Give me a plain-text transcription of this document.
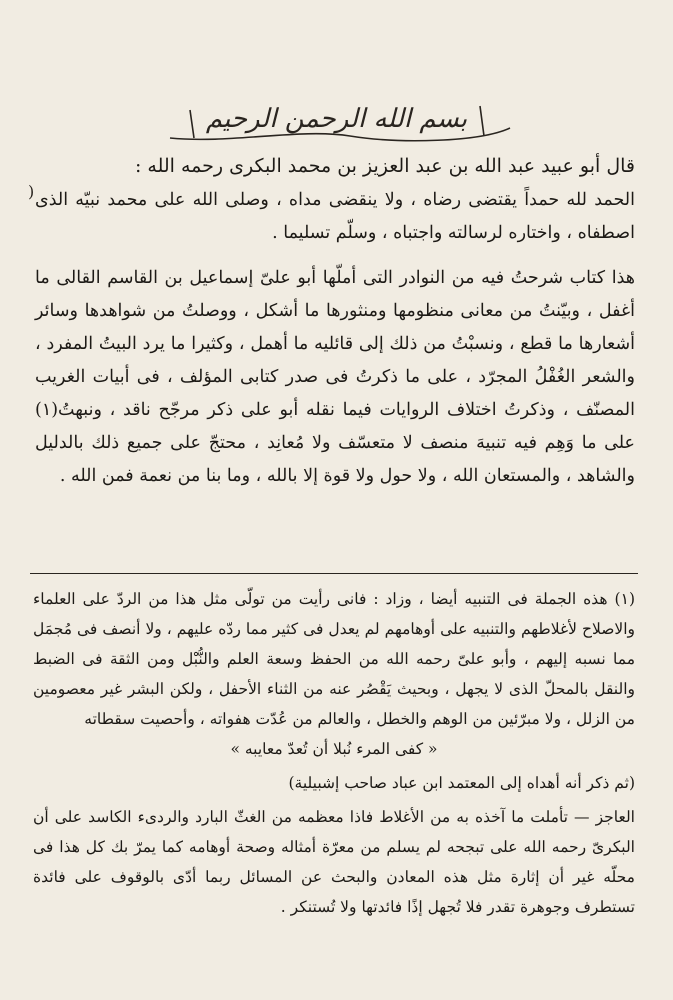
بسم الله الرحمن الرحيم
)

قال أبو عبيد عبد الله بن عبد العزيز بن محمد البكرى رحمه الله :

الحمد لله حمداً يقتضى رضاه ، ولا ينقضى مداه ، وصلى الله على محمد نبيّه الذى اصطفاه ، واختاره لرسالته واجتباه ، وسلّم تسليما .

هذا كتاب شرحتُ فيه من النوادر التى أملّها أبو علىّ إسماعيل بن القاسم القالى ما أغفل ، وبيّنتُ من معانى منظومها ومنثورها ما أشكل ، ووصلتُ من شواهدها وسائر أشعارها ما قطع ، ونسبْتُ من ذلك إلى قائليه ما أهمل ، وكثيرا ما يرد البيتُ المفرد ، والشعر الغُفْلُ المجرّد ، على ما ذكرتُ فى صدر كتابى المؤلف ، فى أبيات الغريب المصنّف ، وذكرتُ اختلاف الروايات فيما نقله أبو على ذكر مرجّح ناقد ، ونبهتُ(١) على ما وَهِم فيه تنبيهَ منصف لا متعسّف ولا مُعانِد ، محتجّ على جميع ذلك بالدليل والشاهد ، والمستعان الله ، ولا حول ولا قوة إلا بالله ، وما بنا من نعمة فمن الله .

(١) هذه الجملة فى التنبيه أيضا ، وزاد : فانى رأيت من تولّى مثل هذا من الردّ على العلماء والاصلاح لأغلاطهم والتنبيه على أوهامهم لم يعدل فى كثير مما ردّه عليهم ، ولا أنصف فى مُجمَل مما نسبه إليهم ، وأبو علىّ رحمه الله من الحفظ وسعة العلم والنُّبْل ومن الثقة فى الضبط والنقل بالمحلّ الذى لا يجهل ، وبحيث يَقْصُر عنه من الثناء الأحفل ، ولكن البشر غير معصومين من الزلل ، ولا مبرّئين من الوهم والخطل ، والعالم من عُدّت هفواته ، وأحصيت سقطاته

« كفى المرء نُبلا أن تُعدّ معايبه »

(ثم ذكر أنه أهداه إلى المعتمد ابن عباد صاحب إشبيلية)

العاجز — تأملت ما آخذه به من الأغلاط فاذا معظمه من الغثّ البارد والردىء الكاسد على أن البكرىّ رحمه الله على تبجحه لم يسلم من معرّة أمثاله وصحة أوهامه كما يمرّ بك كل هذا فى محلّه غير أن إثارة مثل هذه المعادن والبحث عن المسائل ربما أدّى بالوقوف على فائدة تستطرف وجوهرة تقدر فلا تُجهل إذًا فائدتها ولا تُستنكر .
